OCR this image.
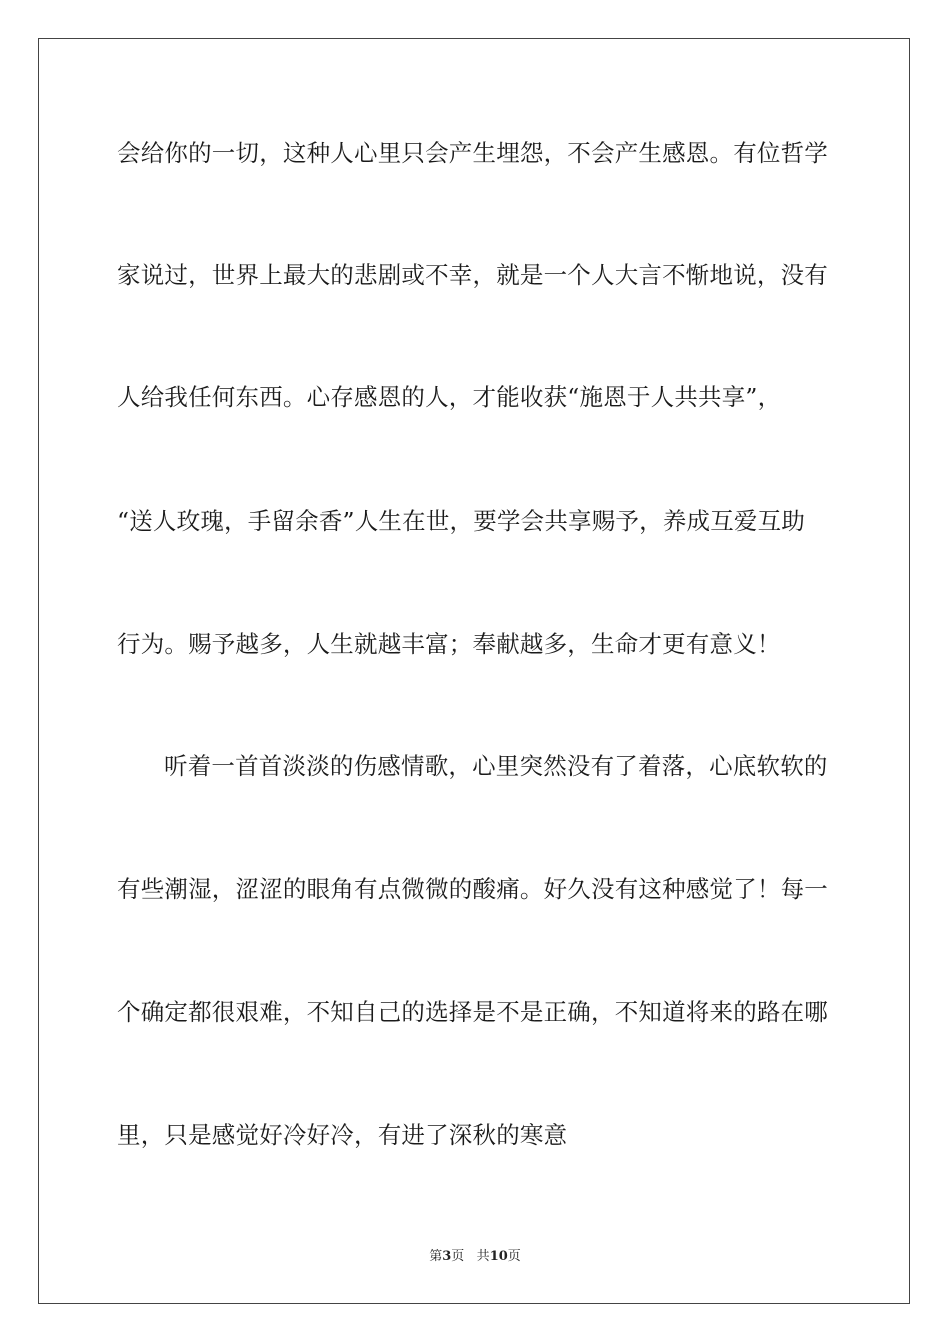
会给你的一切，这种人心里只会产生埋怨，不会产生感恩。有位哲学
家说过，世界上最大的悲剧或不幸，就是一个人大言不惭地说，没有
人给我任何东西。心存感恩的人，才能收获“施恩于人共共享”，
“送人玫瑰，手留余香”人生在世，要学会共享赐予，养成互爱互助
行为。赐予越多，人生就越丰富；奉献越多，生命才更有意义！
听着一首首淡淡的伤感情歌，心里突然没有了着落，心底软软的
有些潮湿，涩涩的眼角有点微微的酸痛。好久没有这种感觉了！每一
个确定都很艰难，不知自己的选择是不是正确，不知道将来的路在哪
里，只是感觉好冷好冷，有进了深秋的寒意
第3页 共10页
